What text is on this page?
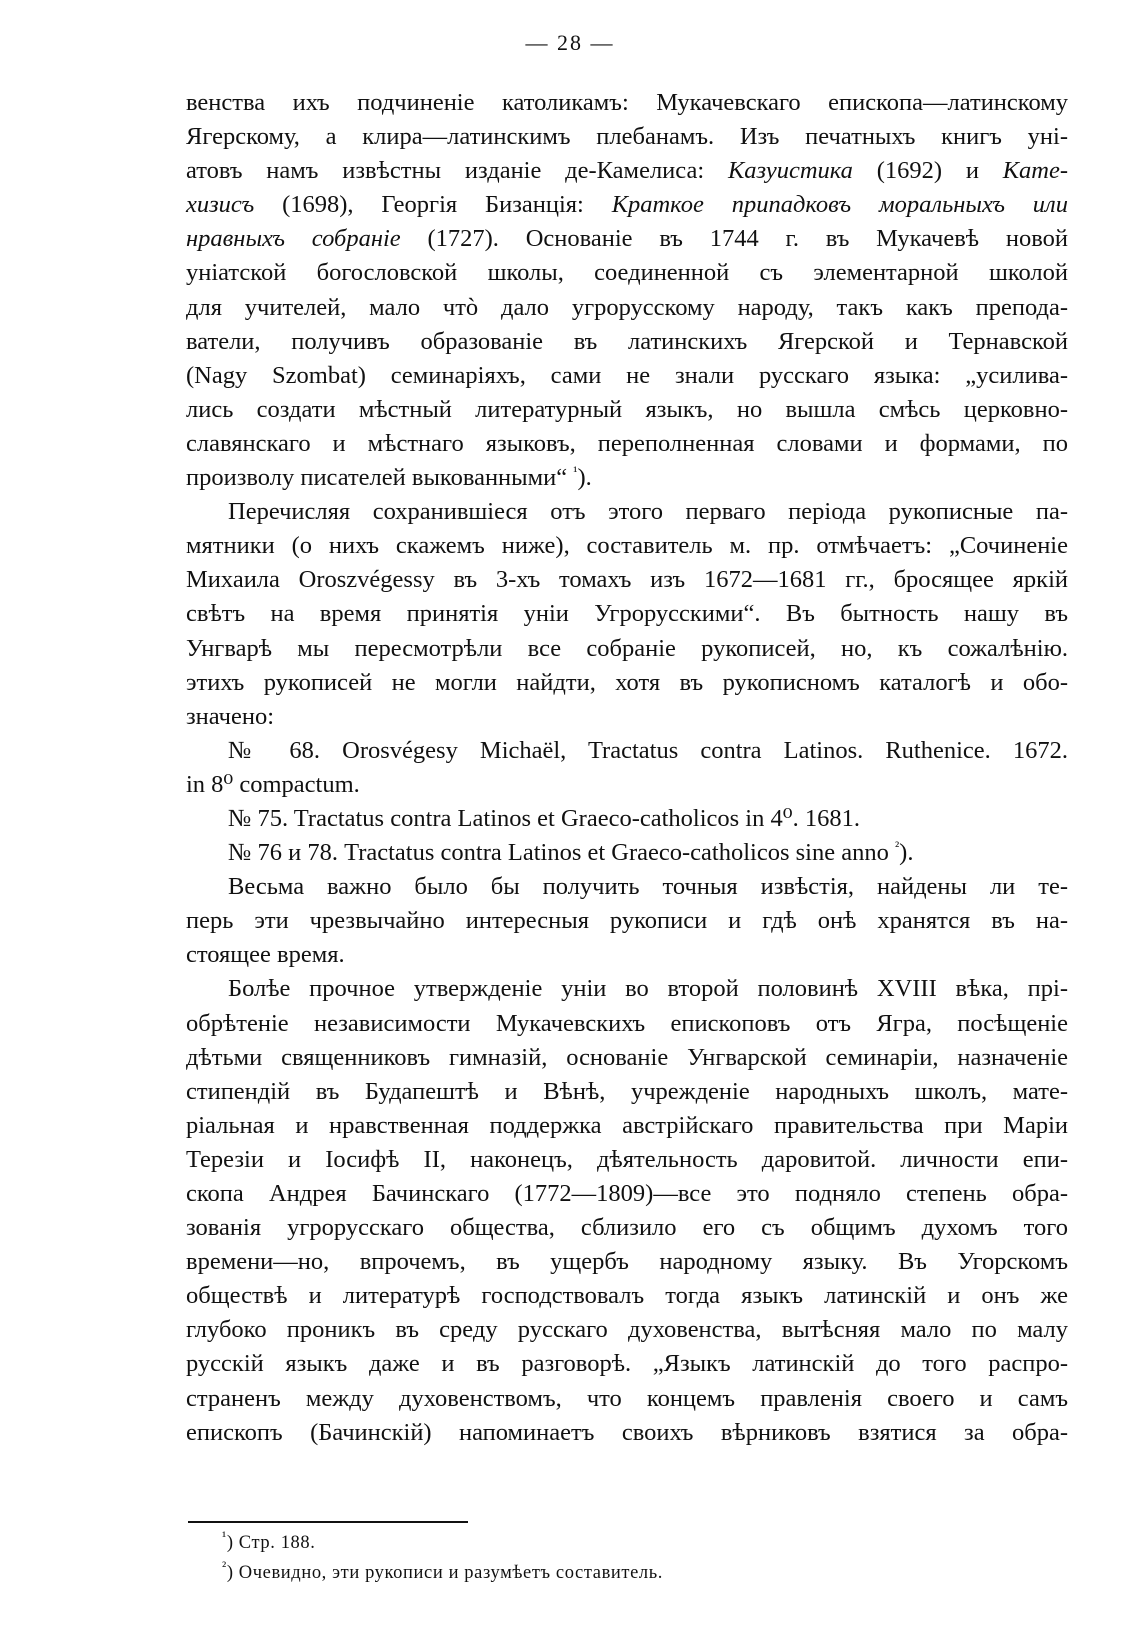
— 28 —
венства ихъ подчиненіе католикамъ: Мукачевскаго епископа—латинскому
Ягерскому, а клира—латинскимъ плебанамъ. Изъ печатныхъ книгъ уні-
атовъ намъ извѣстны изданіе де-Камелиса: Казуистика (1692) и Кате-
хизисъ (1698), Георгія Бизанція: Краткое припадковъ моральныхъ или
нравныхъ собраніе (1727). Основаніе въ 1744 г. въ Мукачевѣ новой
уніатской богословской школы, соединенной съ элементарной школой
для учителей, мало чтò дало угрорусскому народу, такъ какъ препода-
ватели, получивъ образованіе въ латинскихъ Ягерской и Тернавской
(Nagy Szombat) семинаріяхъ, сами не знали русскаго языка: „усилива-
лись создати мѣстный литературный языкъ, но вышла смѣсь церковно-
славянскаго и мѣстнаго языковъ, переполненная словами и формами, по
произволу писателей выкованными“ $^{^1}$).
Перечисляя сохранившіеся отъ этого перваго періода рукописные па-
мятники (о нихъ скажемъ ниже), составитель м. пр. отмѣчаетъ: „Сочиненіе
Михаила Oroszvégessy въ 3-хъ томахъ изъ 1672—1681 гг., бросящее яркій
свѣтъ на время принятія уніи Угрорусскими“. Въ бытность нашу въ
Унгварѣ мы пересмотрѣли все собраніе рукописей, но, къ сожалѣнію.
этихъ рукописей не могли найдти, хотя въ рукописномъ каталогѣ и обо-
значено:
№ 68. Orosvégesy Michaël, Tractatus contra Latinos. Ruthenice. 1672.
in 8⁰ compactum.
№ 75. Tractatus contra Latinos et Graeco-catholicos in 4⁰. 1681.
№ 76 и 78. Tractatus contra Latinos et Graeco-catholicos sine anno $^{^2}$).
Весьма важно было бы получить точныя извѣстія, найдены ли те-
перь эти чрезвычайно интересныя рукописи и гдѣ онѣ хранятся въ на-
стоящее время.
Болѣе прочное утвержденіе уніи во второй половинѣ XVIII вѣка, прі-
обрѣтеніе независимости Мукачевскихъ епископовъ отъ Ягра, посѣщеніе
дѣтьми священниковъ гимназій, основаніе Унгварской семинаріи, назначеніе
стипендій въ Будапештѣ и Вѣнѣ, учрежденіе народныхъ школъ, мате-
ріальная и нравственная поддержка австрійскаго правительства при Маріи
Терезіи и Іосифѣ II, наконецъ, дѣятельность даровитой. личности епи-
скопа Андрея Бачинскаго (1772—1809)—все это подняло степень обра-
зованія угрорусскаго общества, сблизило его съ общимъ духомъ того
времени—но, впрочемъ, въ ущербъ народному языку. Въ Угорскомъ
обществѣ и литературѣ господствовалъ тогда языкъ латинскій и онъ же
глубоко проникъ въ среду русскаго духовенства, вытѣсняя мало по малу
русскій языкъ даже и въ разговорѣ. „Языкъ латинскій до того распро-
страненъ между духовенствомъ, что концемъ правленія своего и самъ
епископъ (Бачинскій) напоминаетъ своихъ вѣрниковъ взятися за обра-
$^{^1}$) Стр. 188.
$^{^2}$) Очевидно, эти рукописи и разумѣетъ составитель.
